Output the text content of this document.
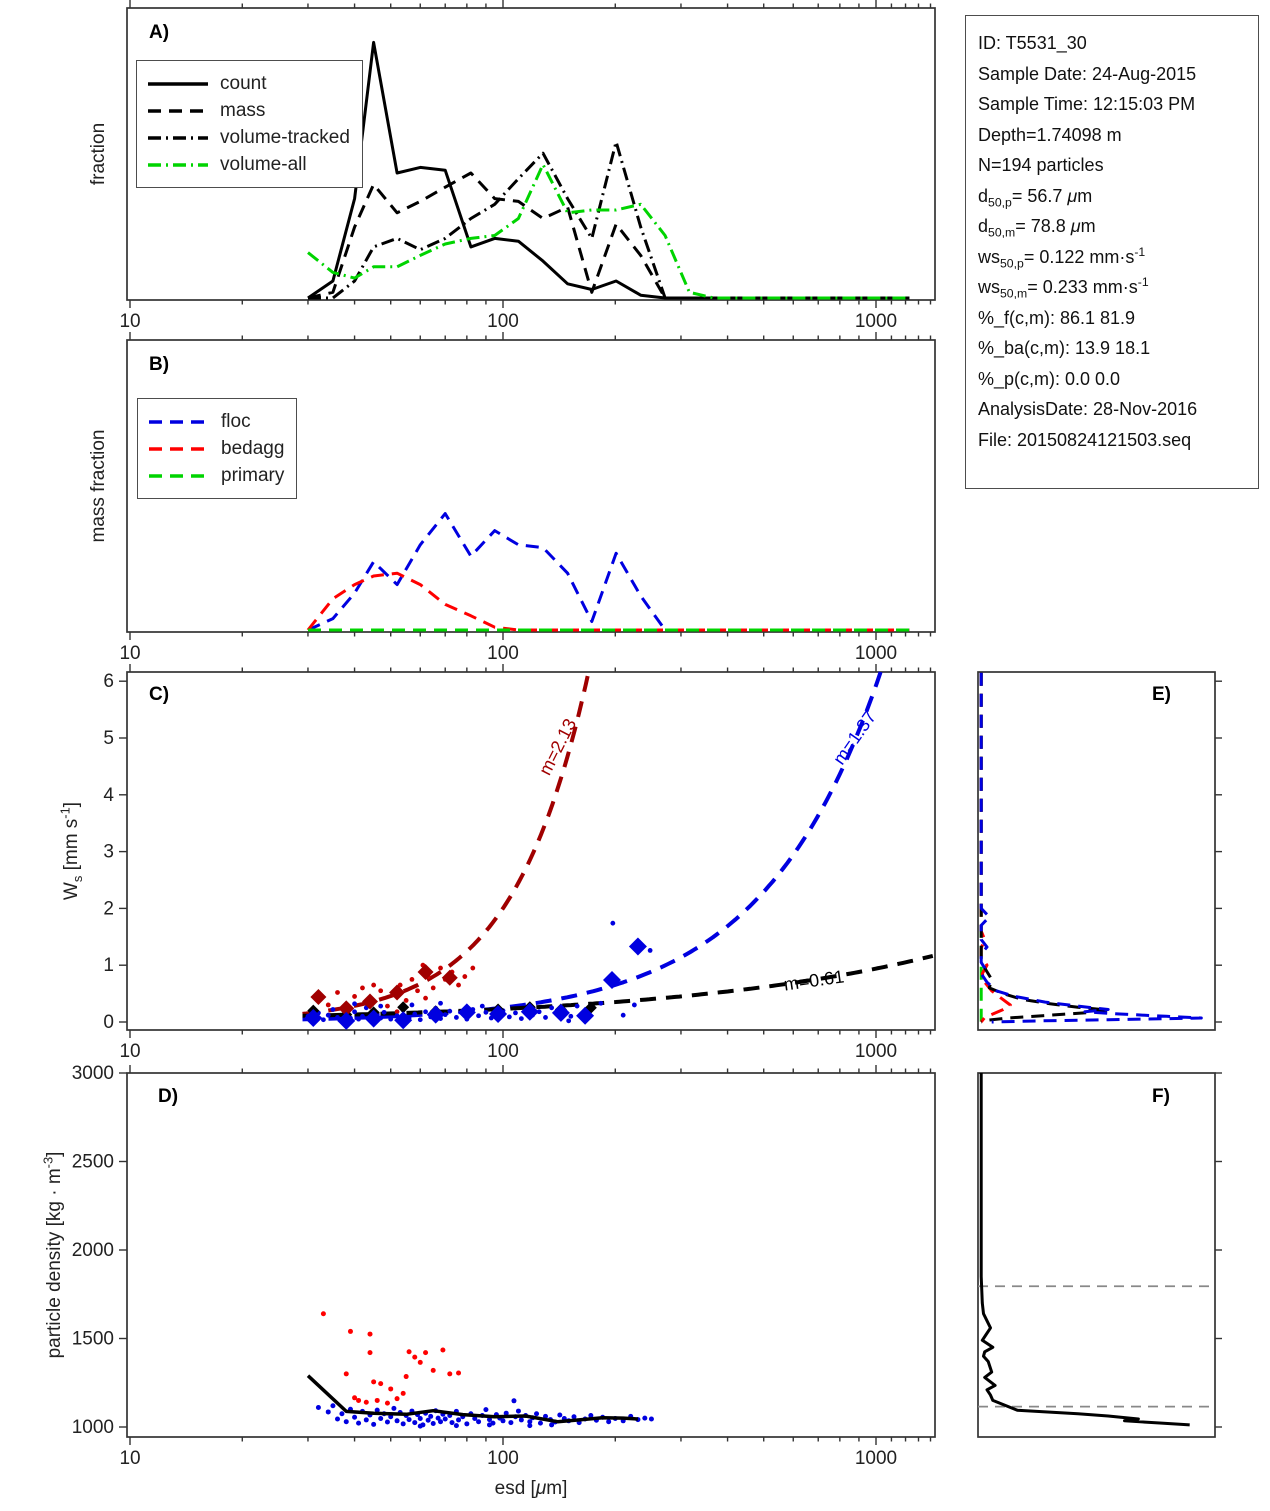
10	100	1000
10	100	1000
10	100	1000
0
1
2
3
4
5
6
10	100	1000
1000
1500
2000
2500
3000
fraction
mass fraction
$W_s$ [mm $s^{-1}$]
particle density $[kg \cdot m^{-3}]$
A)
B)
C)
D)
E)
F)
count
mass
volume-tracked
volume-all
floc
bedagg
primary
m=2.13	m=1.37
m=0.61
esd [μm]
ID: T5531_30
Sample Date: 24-Aug-2015
Sample Time: 12:15:03 PM
Depth=1.74098 m
N=194 particles
$d_{50,p}= 56.7$ μm
$d_{50,m}= 78.8$ μm
$ws_{50,p}= 0.122$ $mm\cdot s^{-1}$
$ws_{50,m}= 0.233$ $mm\cdot s^{-1}$
%_f(c,m): 86.1 81.9
%_ba(c,m): 13.9 18.1
%_p(c,m): 0.0 0.0
AnalysisDate: 28-Nov-2016
File: 20150824121503.seq
